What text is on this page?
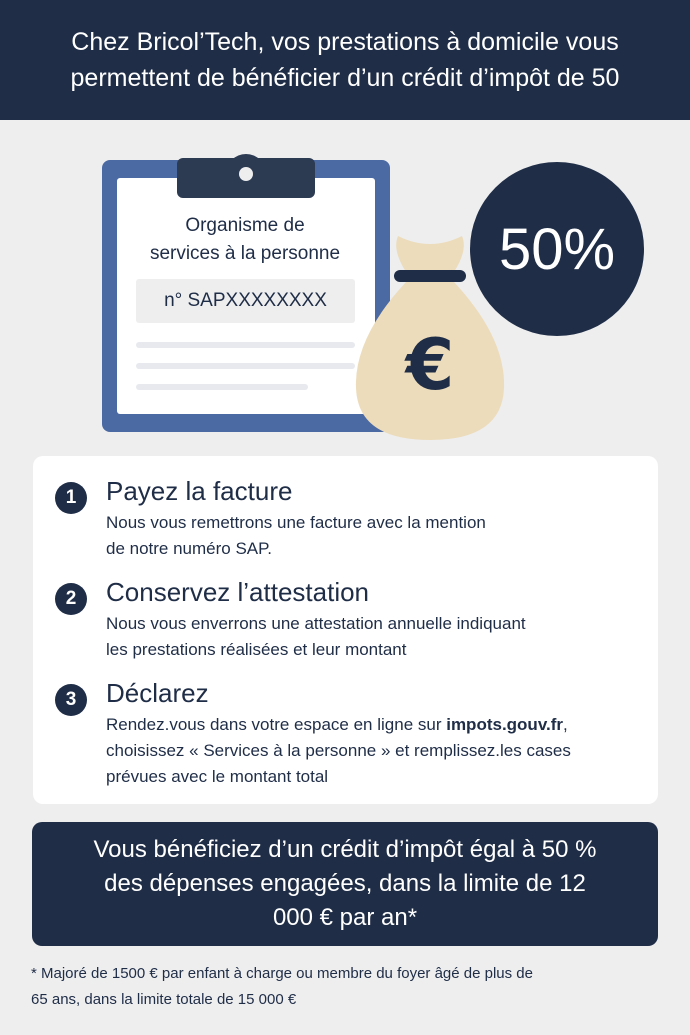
Chez Bricol’Tech, vos prestations à domicile vous permettent de bénéficier d’un crédit d’impôt de 50
Organisme de
services à la personne
n° SAPXXXXXXXX
50%
€
1	Payez la facture
Nous vous remettrons une facture avec la mention
de notre numéro SAP.
2	Conservez l’attestation
Nous vous enverrons une attestation annuelle indiquant
les prestations réalisées et leur montant
3	Déclarez
Rendez.vous dans votre espace en ligne sur impots.gouv.fr,
choisissez « Services à la personne » et remplissez.les cases
prévues avec le montant total
Vous bénéficiez d’un crédit d’impôt égal à 50 % des dépenses engagées, dans la limite de 12 000 € par an*
* Majoré de 1500 € par enfant à charge ou membre du foyer âgé de plus de
65 ans, dans la limite totale de 15 000 €
